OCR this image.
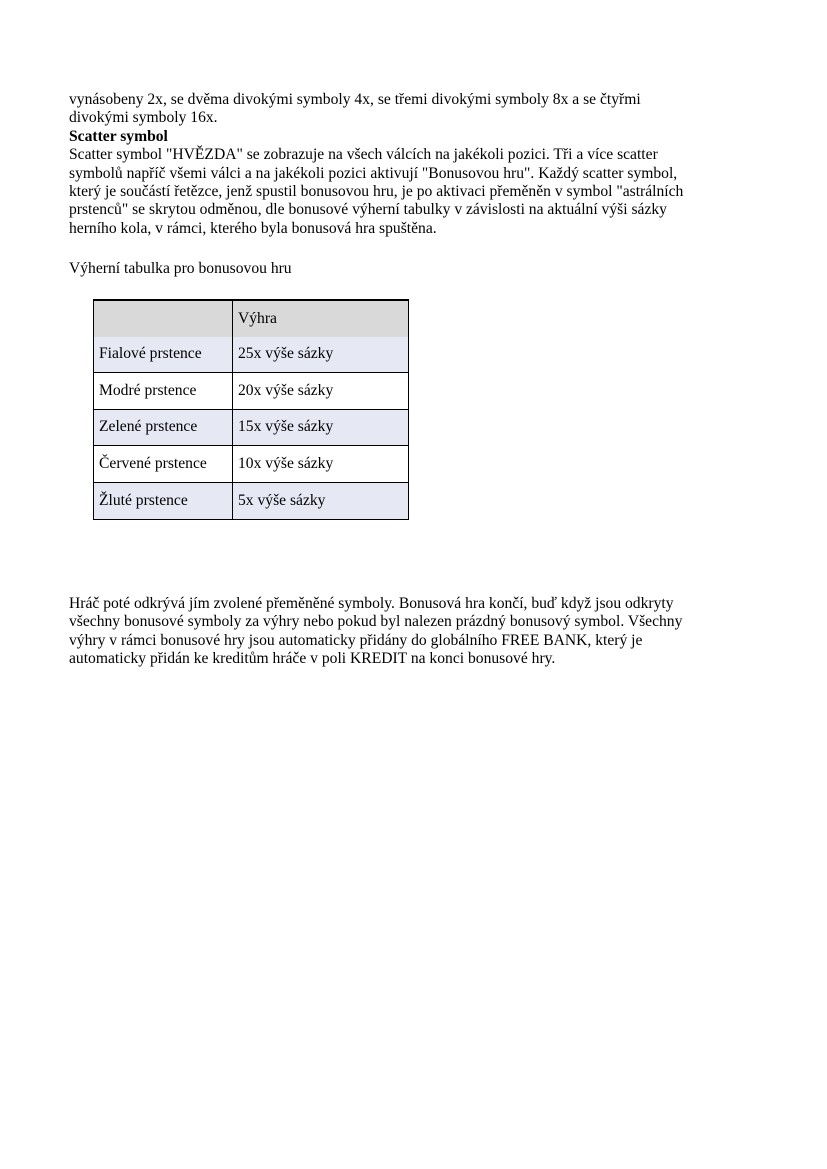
vynásobeny 2x, se dvěma divokými symboly 4x, se třemi divokými symboly 8x a se čtyřmi

divokými symboly 16x.

Scatter symbol

Scatter symbol "HVĚZDA" se zobrazuje na všech válcích na jakékoli pozici. Tři a více scatter

symbolů napříč všemi válci a na jakékoli pozici aktivují "Bonusovou hru". Každý scatter symbol,

který je součástí řetězce, jenž spustil bonusovou hru, je po aktivaci přeměněn v symbol "astrálních

prstenců" se skrytou odměnou, dle bonusové výherní tabulky v závislosti na aktuální výši sázky

herního kola, v rámci, kterého byla bonusová hra spuštěna.

Výherní tabulka pro bonusovou hru

	Výhra
Fialové prstence	25x výše sázky
Modré prstence	20x výše sázky
Zelené prstence	15x výše sázky
Červené prstence	10x výše sázky
Žluté prstence	5x výše sázky

Hráč poté odkrývá jím zvolené přeměněné symboly. Bonusová hra končí, buď když jsou odkryty

všechny bonusové symboly za výhry nebo pokud byl nalezen prázdný bonusový symbol. Všechny

výhry v rámci bonusové hry jsou automaticky přidány do globálního FREE BANK, který je

automaticky přidán ke kreditům hráče v poli KREDIT na konci bonusové hry.
